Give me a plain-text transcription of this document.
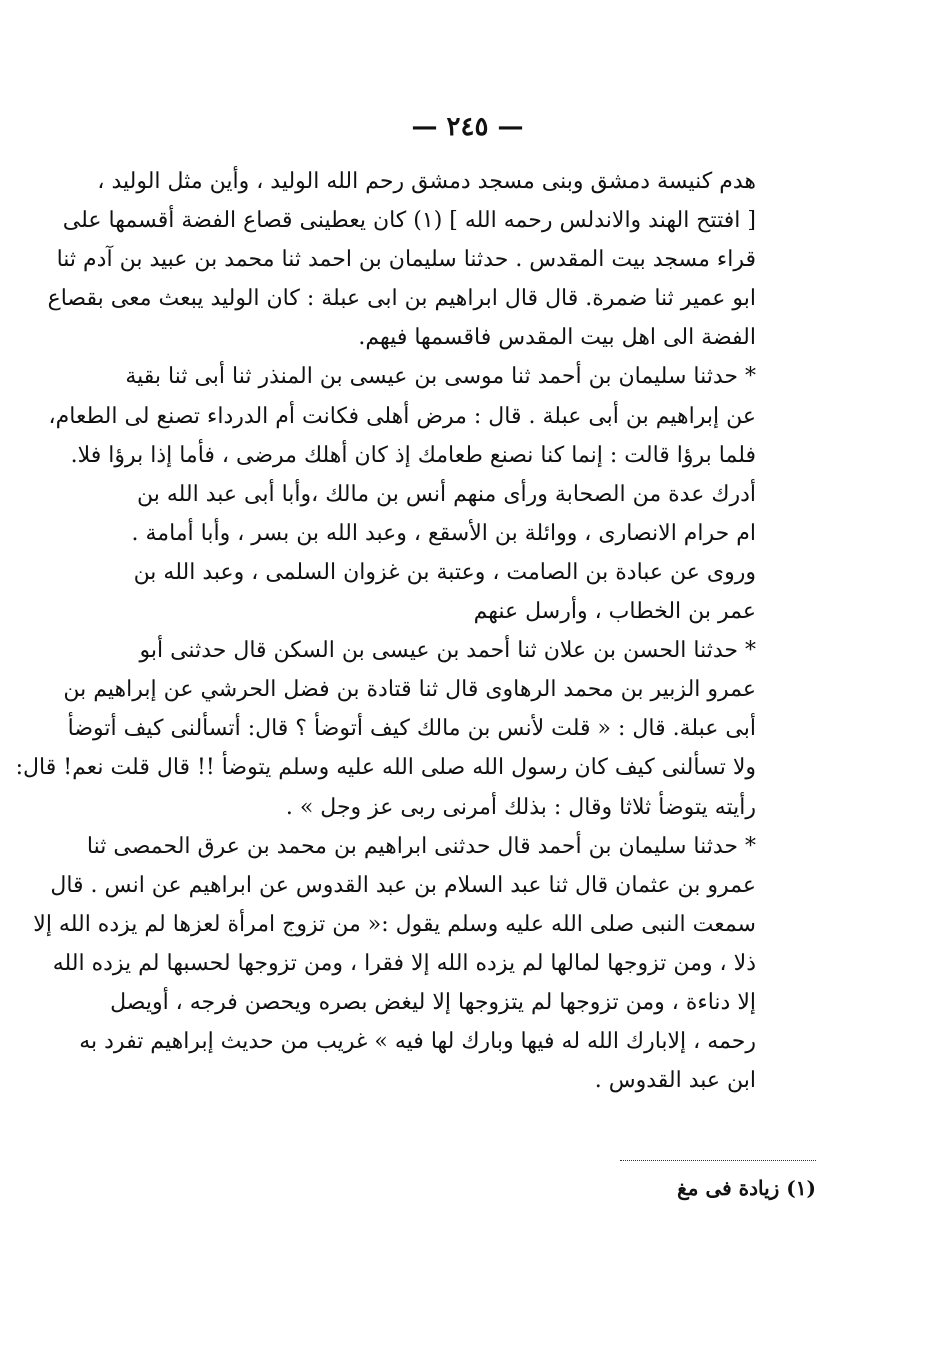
— ٢٤٥ —
هدم كنيسة دمشق وبنى مسجد دمشق رحم الله الوليد ، وأين مثل الوليد ،
[ افتتح الهند والاندلس رحمه الله ] (١) كان يعطينى قصاع الفضة أقسمها على
قراء مسجد بيت المقدس . حدثنا سليمان بن احمد ثنا محمد بن عبيد بن آدم ثنا
ابو عمير ثنا ضمرة. قال قال ابراهيم بن ابى عبلة : كان الوليد يبعث معى بقصاع
الفضة الى اهل بيت المقدس فاقسمها فيهم.
* حدثنا سليمان بن أحمد ثنا موسى بن عيسى بن المنذر ثنا أبى ثنا بقية
عن إبراهيم بن أبى عبلة . قال : مرض أهلى فكانت أم الدرداء تصنع لى الطعام،
فلما برؤا قالت : إنما كنا نصنع طعامك إذ كان أهلك مرضى ، فأما إذا برؤا فلا.
أدرك عدة من الصحابة ورأى منهم أنس بن مالك ،وأبا أبى عبد الله بن
ام حرام الانصارى ، ووائلة بن الأسقع ، وعبد الله بن بسر ، وأبا أمامة .
وروى عن عبادة بن الصامت ، وعتبة بن غزوان السلمى ، وعبد الله بن
عمر بن الخطاب ، وأرسل عنهم
* حدثنا الحسن بن علان ثنا أحمد بن عيسى بن السكن قال حدثنى أبو
عمرو الزبير بن محمد الرهاوى قال ثنا قتادة بن فضل الحرشي عن إبراهيم بن
أبى عبلة. قال : « قلت لأنس بن مالك كيف أتوضأ ؟ قال: أتسألنى كيف أتوضأ
ولا تسألنى كيف كان رسول الله صلى الله عليه وسلم يتوضأ !! قال قلت نعم! قال:
رأيته يتوضأ ثلاثا وقال : بذلك أمرنى ربى عز وجل » .
* حدثنا سليمان بن أحمد قال حدثنى ابراهيم بن محمد بن عرق الحمصى ثنا
عمرو بن عثمان قال ثنا عبد السلام بن عبد القدوس عن ابراهيم عن انس . قال
سمعت النبى صلى الله عليه وسلم يقول :« من تزوج امرأة لعزها لم يزده الله إلا
ذلا ، ومن تزوجها لمالها لم يزده الله إلا فقرا ، ومن تزوجها لحسبها لم يزده الله
إلا دناءة ، ومن تزوجها لم يتزوجها إلا ليغض بصره ويحصن فرجه ، أويصل
رحمه ، إلابارك الله له فيها وبارك لها فيه » غريب من حديث إبراهيم تفرد به
ابن عبد القدوس .
(١) زيادة فى مغ
